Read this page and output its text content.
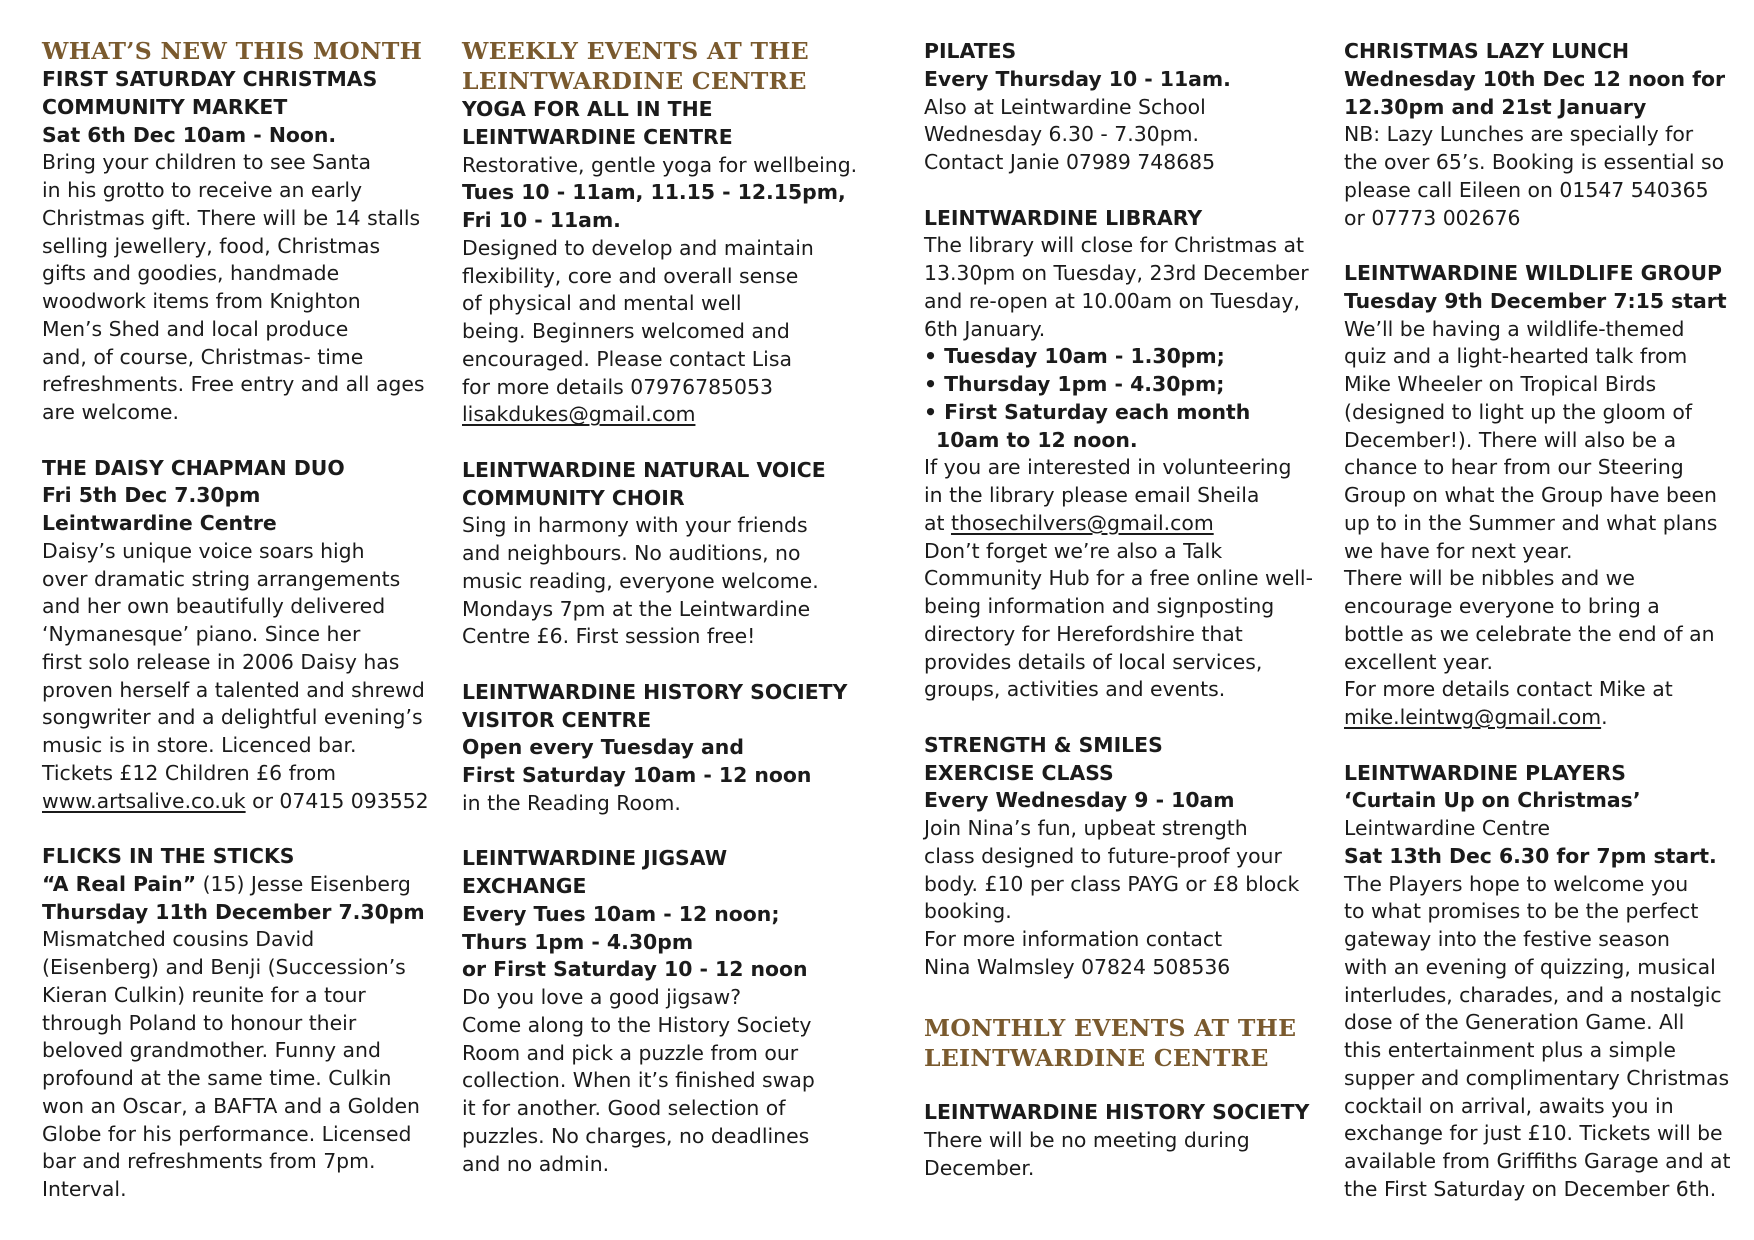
WHAT’S NEW THIS MONTH
FIRST SATURDAY CHRISTMAS
COMMUNITY MARKET
Sat 6th Dec 10am - Noon.
Bring your children to see Santa
in his grotto to receive an early
Christmas gift. There will be 14 stalls
selling jewellery, food, Christmas
gifts and goodies, handmade
woodwork items from Knighton
Men’s Shed and local produce
and, of course, Christmas- time
refreshments. Free entry and all ages
are welcome.
THE DAISY CHAPMAN DUO
Fri 5th Dec 7.30pm
Leintwardine Centre
Daisy’s unique voice soars high
over dramatic string arrangements
and her own beautifully delivered
‘Nymanesque’ piano. Since her
first solo release in 2006 Daisy has
proven herself a talented and shrewd
songwriter and a delightful evening’s
music is in store. Licenced bar.
Tickets £12 Children £6 from
www.artsalive.co.uk or 07415 093552
FLICKS IN THE STICKS
“A Real Pain” (15) Jesse Eisenberg
Thursday 11th December 7.30pm
Mismatched cousins David
(Eisenberg) and Benji (Succession’s
Kieran Culkin) reunite for a tour
through Poland to honour their
beloved grandmother. Funny and
profound at the same time. Culkin
won an Oscar, a BAFTA and a Golden
Globe for his performance. Licensed
bar and refreshments from 7pm.
Interval.
WEEKLY EVENTS AT THE
LEINTWARDINE CENTRE
YOGA FOR ALL IN THE
LEINTWARDINE CENTRE
Restorative, gentle yoga for wellbeing.
Tues 10 - 11am, 11.15 - 12.15pm,
Fri 10 - 11am.
Designed to develop and maintain
flexibility, core and overall sense
of physical and mental well
being. Beginners welcomed and
encouraged. Please contact Lisa
for more details 07976785053
lisakdukes@gmail.com
LEINTWARDINE NATURAL VOICE
COMMUNITY CHOIR
Sing in harmony with your friends
and neighbours. No auditions, no
music reading, everyone welcome.
Mondays 7pm at the Leintwardine
Centre £6. First session free!
LEINTWARDINE HISTORY SOCIETY
VISITOR CENTRE
Open every Tuesday and
First Saturday 10am - 12 noon
in the Reading Room.
LEINTWARDINE JIGSAW
EXCHANGE
Every Tues 10am - 12 noon;
Thurs 1pm - 4.30pm
or First Saturday 10 - 12 noon
Do you love a good jigsaw?
Come along to the History Society
Room and pick a puzzle from our
collection. When it’s finished swap
it for another. Good selection of
puzzles. No charges, no deadlines
and no admin.
PILATES
Every Thursday 10 - 11am.
Also at Leintwardine School
Wednesday 6.30 - 7.30pm.
Contact Janie 07989 748685
LEINTWARDINE LIBRARY
The library will close for Christmas at
13.30pm on Tuesday, 23rd December
and re-open at 10.00am on Tuesday,
6th January.
• Tuesday 10am - 1.30pm;
• Thursday 1pm - 4.30pm;
• First Saturday each month
10am to 12 noon.
If you are interested in volunteering
in the library please email Sheila
at thosechilvers@gmail.com
Don’t forget we’re also a Talk
Community Hub for a free online well-
being information and signposting
directory for Herefordshire that
provides details of local services,
groups, activities and events.
STRENGTH & SMILES
EXERCISE CLASS
Every Wednesday 9 - 10am
Join Nina’s fun, upbeat strength
class designed to future-proof your
body. £10 per class PAYG or £8 block
booking.
For more information contact
Nina Walmsley 07824 508536
MONTHLY EVENTS AT THE
LEINTWARDINE CENTRE
LEINTWARDINE HISTORY SOCIETY
There will be no meeting during
December.
CHRISTMAS LAZY LUNCH
Wednesday 10th Dec 12 noon for
12.30pm and 21st January
NB: Lazy Lunches are specially for
the over 65’s. Booking is essential so
please call Eileen on 01547 540365
or 07773 002676
LEINTWARDINE WILDLIFE GROUP
Tuesday 9th December 7:15 start
We’ll be having a wildlife-themed
quiz and a light-hearted talk from
Mike Wheeler on Tropical Birds
(designed to light up the gloom of
December!). There will also be a
chance to hear from our Steering
Group on what the Group have been
up to in the Summer and what plans
we have for next year.
There will be nibbles and we
encourage everyone to bring a
bottle as we celebrate the end of an
excellent year.
For more details contact Mike at
mike.leintwg@gmail.com.
LEINTWARDINE PLAYERS
‘Curtain Up on Christmas’
Leintwardine Centre
Sat 13th Dec 6.30 for 7pm start.
The Players hope to welcome you
to what promises to be the perfect
gateway into the festive season
with an evening of quizzing, musical
interludes, charades, and a nostalgic
dose of the Generation Game. All
this entertainment plus a simple
supper and complimentary Christmas
cocktail on arrival, awaits you in
exchange for just £10. Tickets will be
available from Griffiths Garage and at
the First Saturday on December 6th.
